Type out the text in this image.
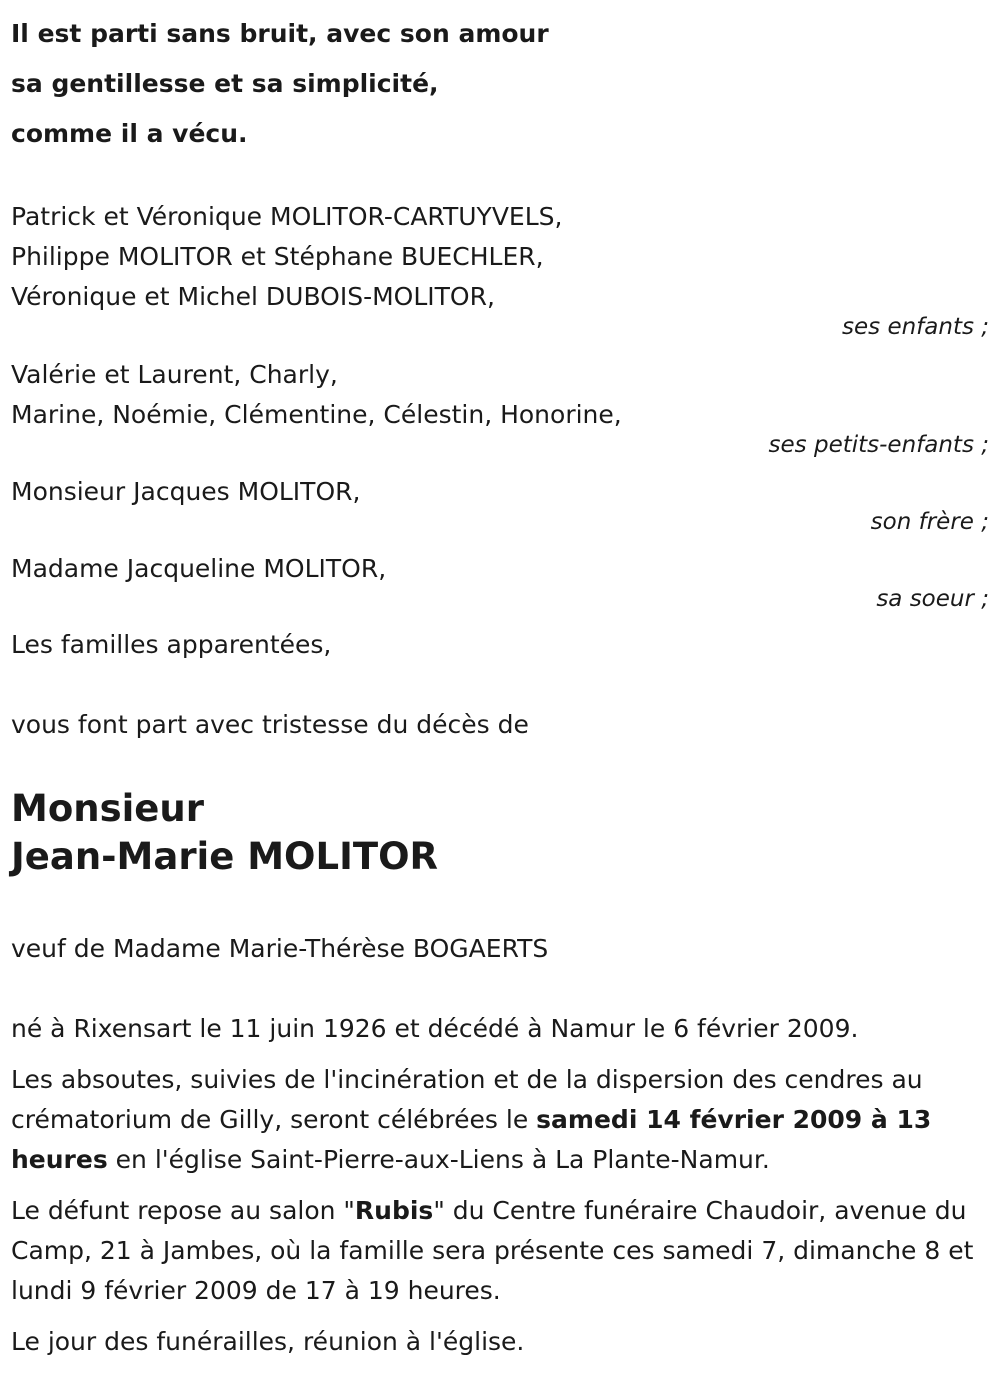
Il est parti sans bruit, avec son amour
sa gentillesse et sa simplicité,
comme il a vécu.
Patrick et Véronique MOLITOR-CARTUYVELS,
Philippe MOLITOR et Stéphane BUECHLER,
Véronique et Michel DUBOIS-MOLITOR,
ses enfants ;
Valérie et Laurent, Charly,
Marine, Noémie, Clémentine, Célestin, Honorine,
ses petits-enfants ;
Monsieur Jacques MOLITOR,
son frère ;
Madame Jacqueline MOLITOR,
sa soeur ;
Les familles apparentées,
vous font part avec tristesse du décès de
Monsieur
Jean-Marie MOLITOR
veuf de Madame Marie-Thérèse BOGAERTS

né à Rixensart le 11 juin 1926 et décédé à Namur le 6 février 2009.

Les absoutes, suivies de l'incinération et de la dispersion des cendres au crématorium de Gilly, seront célébrées le samedi 14 février 2009 à 13 heures en l'église Saint-Pierre-aux-Liens à La Plante-Namur.

Le défunt repose au salon "Rubis" du Centre funéraire Chaudoir, avenue du Camp, 21 à Jambes, où la famille sera présente ces samedi 7, dimanche 8 et lundi 9 février 2009 de 17 à 19 heures.

Le jour des funérailles, réunion à l'église.
